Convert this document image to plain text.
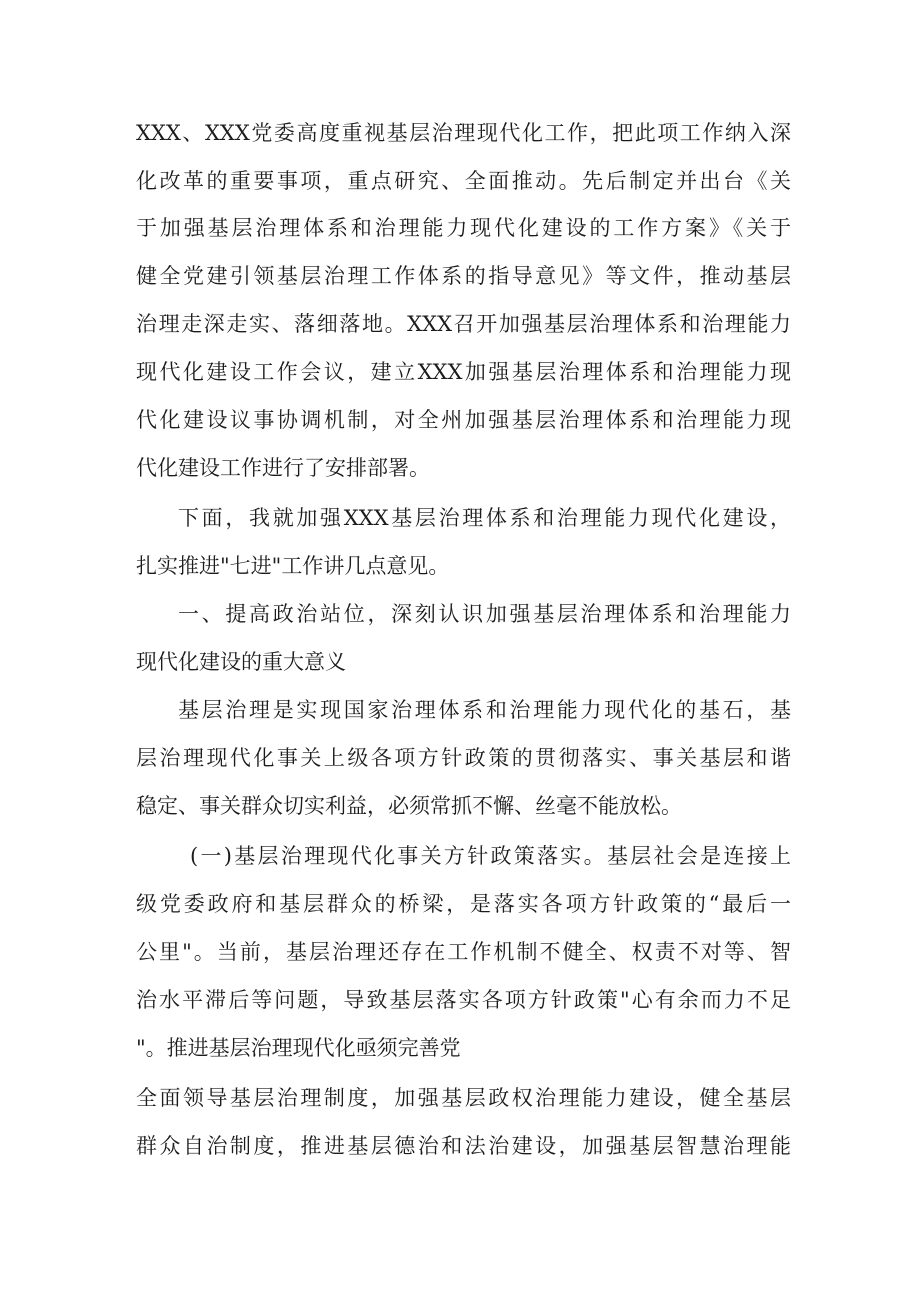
XXX、XXX党委高度重视基层治理现代化工作，把此项工作纳入深
化改革的重要事项，重点研究、全面推动。先后制定并出台《关
于加强基层治理体系和治理能力现代化建设的工作方案》《关于
健全党建引领基层治理工作体系的指导意见》等文件，推动基层
治理走深走实、落细落地。XXX召开加强基层治理体系和治理能力
现代化建设工作会议，建立XXX加强基层治理体系和治理能力现
代化建设议事协调机制，对全州加强基层治理体系和治理能力现
代化建设工作进行了安排部署。
下面，我就加强XXX基层治理体系和治理能力现代化建设，
扎实推进"七进"工作讲几点意见。
一、提高政治站位，深刻认识加强基层治理体系和治理能力
现代化建设的重大意义
基层治理是实现国家治理体系和治理能力现代化的基石，基
层治理现代化事关上级各项方针政策的贯彻落实、事关基层和谐
稳定、事关群众切实利益，必须常抓不懈、丝毫不能放松。
(一)基层治理现代化事关方针政策落实。基层社会是连接上
级党委政府和基层群众的桥梁，是落实各项方针政策的“最后一
公里"。当前，基层治理还存在工作机制不健全、权责不对等、智
治水平滞后等问题，导致基层落实各项方针政策"心有余而力不足
"。推进基层治理现代化亟须完善党
全面领导基层治理制度，加强基层政权治理能力建设，健全基层
群众自治制度，推进基层德治和法治建设，加强基层智慧治理能
